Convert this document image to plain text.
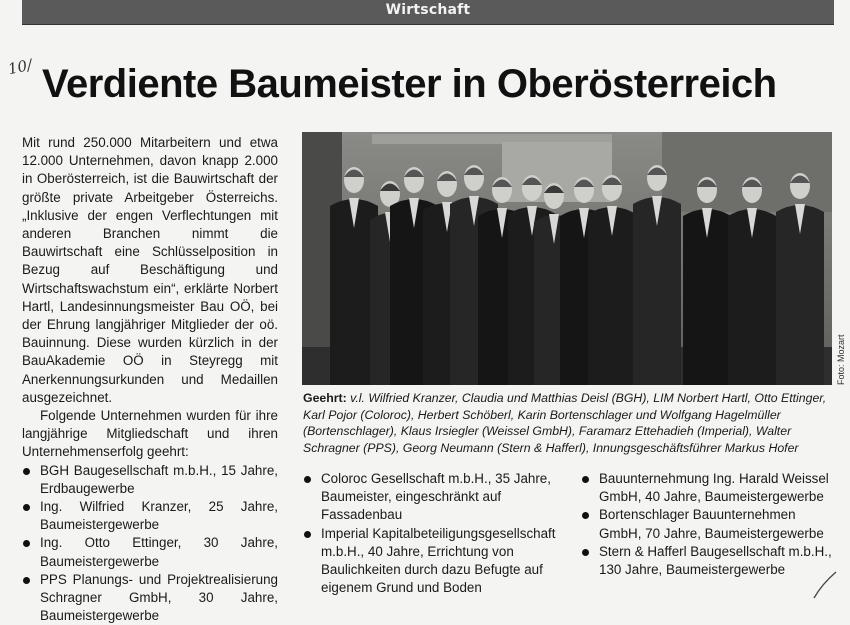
Wirtschaft
10/ Verdiente Baumeister in Oberösterreich

Mit rund 250.000 Mitarbeitern und etwa 12.000 Unternehmen, davon knapp 2.000 in Oberösterreich, ist die Bauwirtschaft der größte private Arbeitgeber Österreichs. „Inklusive der engen Verflechtungen mit anderen Branchen nimmt die Bauwirtschaft eine Schlüsselposition in Bezug auf Beschäftigung und Wirtschaftswachstum ein“, erklärte Norbert Hartl, Landesinnungsmeister Bau OÖ, bei der Ehrung langjähriger Mitglieder der oö. Bauinnung. Diese wurden kürzlich in der BauAkademie OÖ in Steyregg mit Anerkennungsurkunden und Medaillen ausgezeichnet.

Folgende Unternehmen wurden für ihre langjährige Mitgliedschaft und ihren Unternehmenserfolg geehrt:

BGH Baugesellschaft m.b.H., 15 Jahre, Erdbaugewerbe
Ing. Wilfried Kranzer, 25 Jahre, Baumeistergewerbe
Ing. Otto Ettinger, 30 Jahre, Baumeistergewerbe
PPS Planungs- und Projektrealisierung Schragner GmbH, 30 Jahre, Baumeistergewerbe
Foto: Mozart

Geehrt: v.l. Wilfried Kranzer, Claudia und Matthias Deisl (BGH), LIM Norbert Hartl, Otto Ettinger, Karl Pojor (Coloroc), Herbert Schöberl, Karin Bortenschlager und Wolfgang Hagelmüller (Bortenschlager), Klaus Irsiegler (Weissel GmbH), Faramarz Ettehadieh (Imperial), Walter Schragner (PPS), Georg Neumann (Stern & Hafferl), Innungsgeschäftsführer Markus Hofer

Coloroc Gesellschaft m.b.H., 35 Jahre, Baumeister, eingeschränkt auf Fassadenbau
Imperial Kapitalbeteiligungsgesellschaft m.b.H., 40 Jahre, Errichtung von Baulichkeiten durch dazu Befugte auf eigenem Grund und Boden
Bauunternehmung Ing. Harald Weissel GmbH, 40 Jahre, Baumeistergewerbe
Bortenschlager Bauunternehmen GmbH, 70 Jahre, Baumeistergewerbe
Stern & Hafferl Baugesellschaft m.b.H., 130 Jahre, Baumeistergewerbe
